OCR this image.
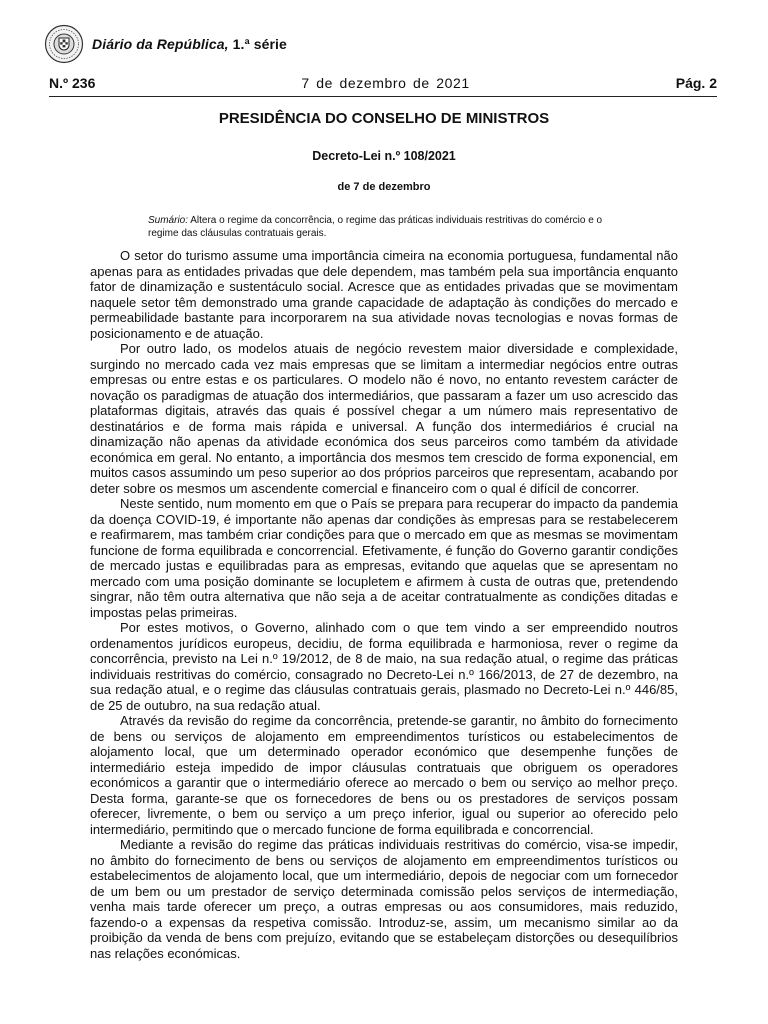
Diário da República, 1.ª série
N.º 236	7 de dezembro de 2021	Pág. 2
PRESIDÊNCIA DO CONSELHO DE MINISTROS
Decreto-Lei n.º 108/2021
de 7 de dezembro
Sumário: Altera o regime da concorrência, o regime das práticas individuais restritivas do comércio e o regime das cláusulas contratuais gerais.

O setor do turismo assume uma importância cimeira na economia portuguesa, fundamental não apenas para as entidades privadas que dele dependem, mas também pela sua importância enquanto fator de dinamização e sustentáculo social. Acresce que as entidades privadas que se movimentam naquele setor têm demonstrado uma grande capacidade de adaptação às condições do mercado e permeabilidade bastante para incorporarem na sua atividade novas tecnologias e novas formas de posicionamento e de atuação.

Por outro lado, os modelos atuais de negócio revestem maior diversidade e complexidade, surgindo no mercado cada vez mais empresas que se limitam a intermediar negócios entre outras empresas ou entre estas e os particulares. O modelo não é novo, no entanto revestem carácter de novação os paradigmas de atuação dos intermediários, que passaram a fazer um uso acrescido das plataformas digitais, através das quais é possível chegar a um número mais representativo de destinatários e de forma mais rápida e universal. A função dos intermediários é crucial na dinamização não apenas da atividade económica dos seus parceiros como também da atividade económica em geral. No entanto, a importância dos mesmos tem crescido de forma exponencial, em muitos casos assumindo um peso superior ao dos próprios parceiros que representam, acabando por deter sobre os mesmos um ascendente comercial e financeiro com o qual é difícil de concorrer.

Neste sentido, num momento em que o País se prepara para recuperar do impacto da pandemia da doença COVID-19, é importante não apenas dar condições às empresas para se restabelecerem e reafirmarem, mas também criar condições para que o mercado em que as mesmas se movimentam funcione de forma equilibrada e concorrencial. Efetivamente, é função do Governo garantir condições de mercado justas e equilibradas para as empresas, evitando que aquelas que se apresentam no mercado com uma posição dominante se locupletem e afirmem à custa de outras que, pretendendo singrar, não têm outra alternativa que não seja a de aceitar contratualmente as condições ditadas e impostas pelas primeiras.

Por estes motivos, o Governo, alinhado com o que tem vindo a ser empreendido noutros ordenamentos jurídicos europeus, decidiu, de forma equilibrada e harmoniosa, rever o regime da concorrência, previsto na Lei n.º 19/2012, de 8 de maio, na sua redação atual, o regime das práticas individuais restritivas do comércio, consagrado no Decreto-Lei n.º 166/2013, de 27 de dezembro, na sua redação atual, e o regime das cláusulas contratuais gerais, plasmado no Decreto-Lei n.º 446/85, de 25 de outubro, na sua redação atual.

Através da revisão do regime da concorrência, pretende-se garantir, no âmbito do fornecimento de bens ou serviços de alojamento em empreendimentos turísticos ou estabelecimentos de alojamento local, que um determinado operador económico que desempenhe funções de intermediário esteja impedido de impor cláusulas contratuais que obriguem os operadores económicos a garantir que o intermediário oferece ao mercado o bem ou serviço ao melhor preço. Desta forma, garante-se que os fornecedores de bens ou os prestadores de serviços possam oferecer, livremente, o bem ou serviço a um preço inferior, igual ou superior ao oferecido pelo intermediário, permitindo que o mercado funcione de forma equilibrada e concorrencial.

Mediante a revisão do regime das práticas individuais restritivas do comércio, visa-se impedir, no âmbito do fornecimento de bens ou serviços de alojamento em empreendimentos turísticos ou estabelecimentos de alojamento local, que um intermediário, depois de negociar com um fornecedor de um bem ou um prestador de serviço determinada comissão pelos serviços de intermediação, venha mais tarde oferecer um preço, a outras empresas ou aos consumidores, mais reduzido, fazendo-o a expensas da respetiva comissão. Introduz-se, assim, um mecanismo similar ao da proibição da venda de bens com prejuízo, evitando que se estabeleçam distorções ou desequilíbrios nas relações económicas.
